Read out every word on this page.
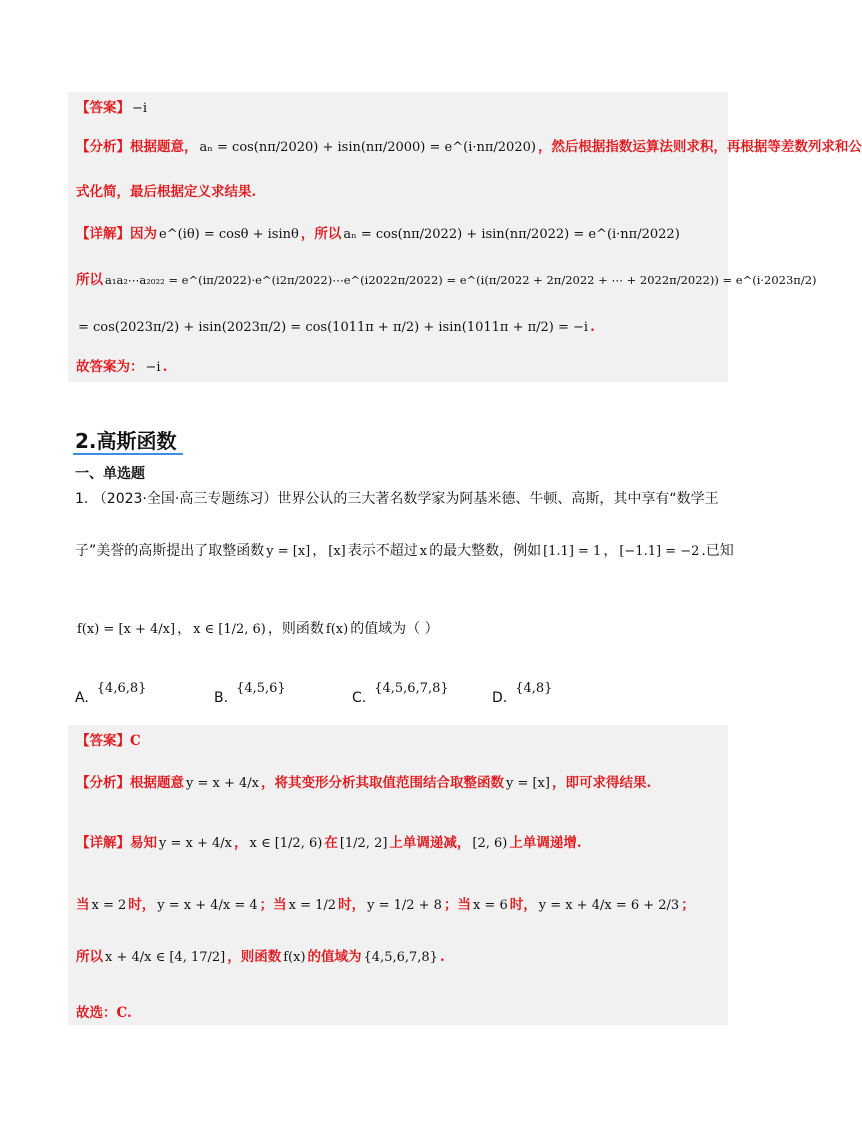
【答案】 −i
【分析】根据题意， aₙ = cos(nπ/2020) + isin(nπ/2000) = e^(i·nπ/2020) ，然后根据指数运算法则求积，再根据等差数列求和公
式化简，最后根据定义求结果.
【详解】因为 e^(iθ) = cosθ + isinθ ，所以 aₙ = cos(nπ/2022) + isin(nπ/2022) = e^(i·nπ/2022)
所以 a₁a₂⋯a₂₀₂₂ = e^(iπ/2022)·e^(i2π/2022)⋯e^(i2022π/2022) = e^(i(π/2022 + 2π/2022 + ⋯ + 2022π/2022)) = e^(i·2023π/2)
= cos(2023π/2) + isin(2023π/2) = cos(1011π + π/2) + isin(1011π + π/2) = −i .
故答案为： −i .
2.高斯函数
一、单选题
1. （2023·全国·高三专题练习）世界公认的三大著名数学家为阿基米德、牛顿、高斯，其中享有“数学王
子”美誉的高斯提出了取整函数 y = [x] ， [x] 表示不超过 x 的最大整数，例如 [1.1] = 1 ， [−1.1] = −2 .已知
f(x) = [x + 4/x] ， x ∈ [1/2, 6) ，则函数 f(x) 的值域为（ ）
A.{4,6,8}
B.{4,5,6}
C.{4,5,6,7,8}
D.{4,8}
【答案】C
【分析】根据题意 y = x + 4/x ，将其变形分析其取值范围结合取整函数 y = [x] ，即可求得结果.
【详解】易知 y = x + 4/x ， x ∈ [1/2, 6) 在 [1/2, 2] 上单调递减， [2, 6) 上单调递增.
当 x = 2 时， y = x + 4/x = 4 ；当 x = 1/2 时， y = 1/2 + 8 ；当 x = 6 时， y = x + 4/x = 6 + 2/3 ；
所以 x + 4/x ∈ [4, 17/2] ，则函数 f(x) 的值域为 {4,5,6,7,8} .
故选：C.
